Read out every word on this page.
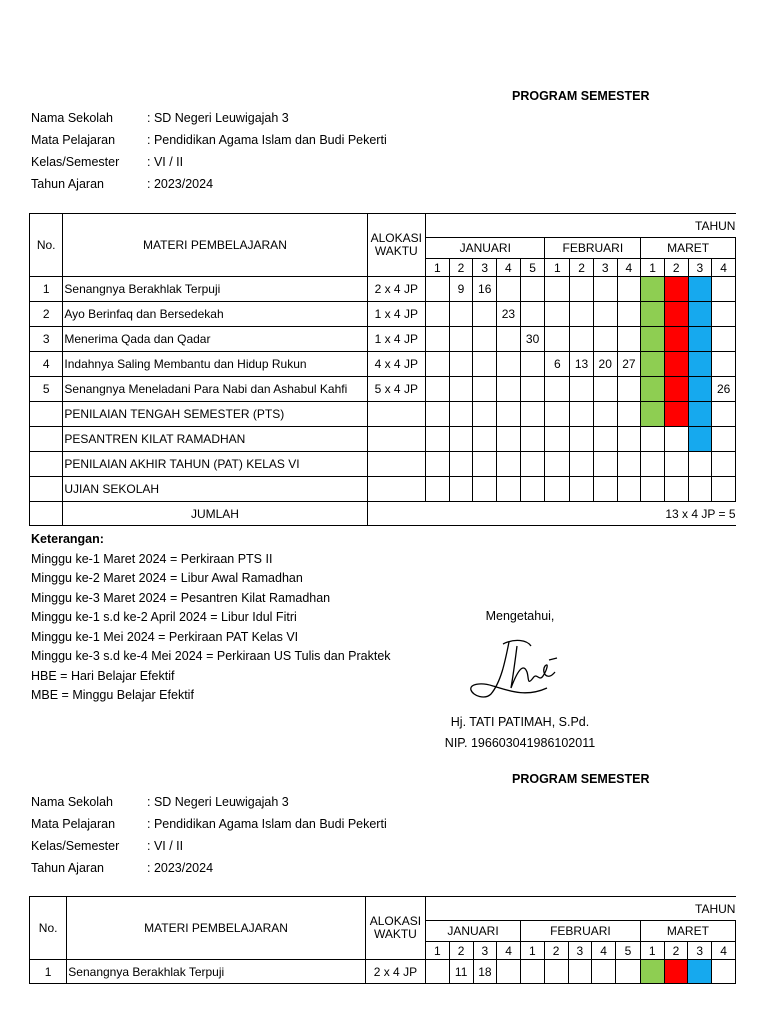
PROGRAM SEMESTER
Nama Sekolah	: SD Negeri Leuwigajah 3
Mata Pelajaran	: Pendidikan Agama Islam dan Budi Pekerti
Kelas/Semester : VI / II
Tahun Ajaran	: 2023/2024
No.	MATERI PEMBELAJARAN	ALOKASI WAKTU	TAHUN												
			JANUARI					FEBRUARI				MARET			
			1	2	3	4	5	1	2	3	4	1	2	3	4
1	Senangnya Berakhlak Terpuji	2 x 4 JP		9	16										
2	Ayo Berinfaq dan Bersedekah	1 x 4 JP				23									
3	Menerima Qada dan Qadar	1 x 4 JP					30								
4	Indahnya Saling Membantu dan Hidup Rukun	4 x 4 JP						6	13	20	27				
5	Senangnya Meneladani Para Nabi dan Ashabul Kahfi	5 x 4 JP													26
	PENILAIAN TENGAH SEMESTER (PTS)														
	PESANTREN KILAT RAMADHAN														
	PENILAIAN AKHIR TAHUN (PAT) KELAS VI														
	UJIAN SEKOLAH														
	JUMLAH	13 x 4 JP = 5													
Keterangan:
Minggu ke-1 Maret 2024 = Perkiraan PTS II
Minggu ke-2 Maret 2024 = Libur Awal Ramadhan
Minggu ke-3 Maret 2024 = Pesantren Kilat Ramadhan
Minggu ke-1 s.d ke-2 April 2024 = Libur Idul Fitri
Minggu ke-1 Mei 2024 = Perkiraan PAT Kelas VI
Minggu ke-3 s.d ke-4 Mei 2024 = Perkiraan US Tulis dan Praktek
HBE = Hari Belajar Efektif
MBE = Minggu Belajar Efektif
Mengetahui,
Hj. TATI PATIMAH, S.Pd.
NIP. 196603041986102011
PROGRAM SEMESTER
Nama Sekolah	: SD Negeri Leuwigajah 3
Mata Pelajaran	: Pendidikan Agama Islam dan Budi Pekerti
Kelas/Semester : VI / II
Tahun Ajaran	: 2023/2024
No.	MATERI PEMBELAJARAN	ALOKASI WAKTU	TAHUN												
			JANUARI				FEBRUARI					MARET			
			1	2	3	4	1	2	3	4	5	1	2	3	4
1	Senangnya Berakhlak Terpuji	2 x 4 JP		11	18										
